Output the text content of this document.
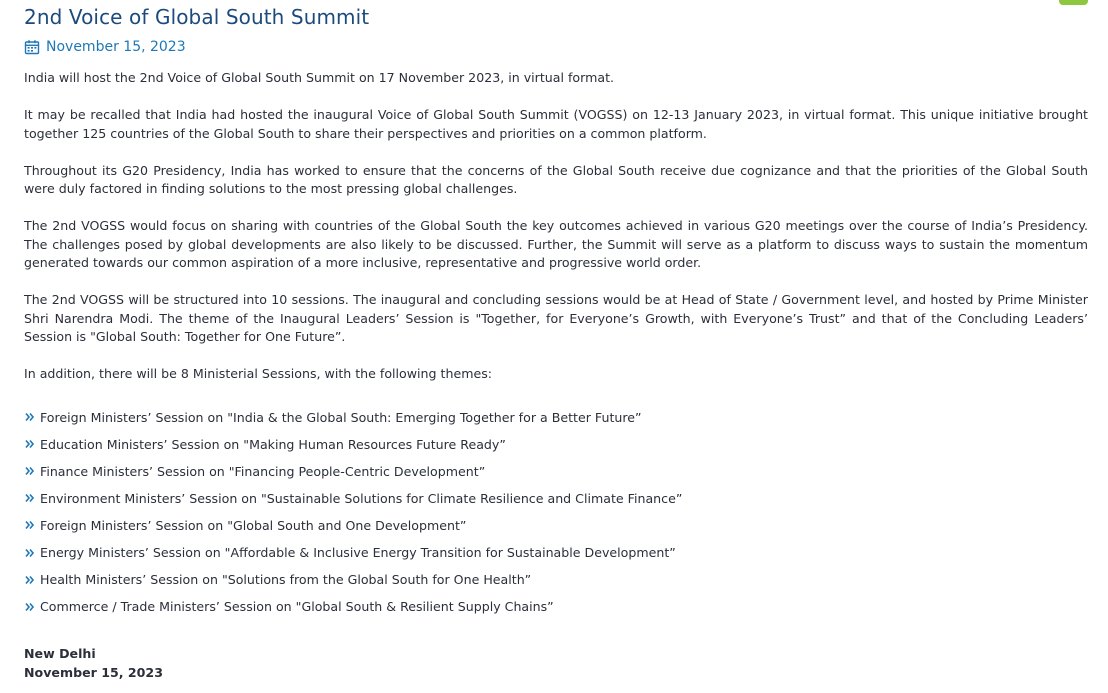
2nd Voice of Global South Summit
November 15, 2023

India will host the 2nd Voice of Global South Summit on 17 November 2023, in virtual format.

It may be recalled that India had hosted the inaugural Voice of Global South Summit (VOGSS) on 12-13 January 2023, in virtual format. This unique initiative brought together 125 countries of the Global South to share their perspectives and priorities on a common platform.

Throughout its G20 Presidency, India has worked to ensure that the concerns of the Global South receive due cognizance and that the priorities of the Global South were duly factored in finding solutions to the most pressing global challenges.

The 2nd VOGSS would focus on sharing with countries of the Global South the key outcomes achieved in various G20 meetings over the course of India’s Presidency. The challenges posed by global developments are also likely to be discussed. Further, the Summit will serve as a platform to discuss ways to sustain the momentum generated towards our common aspiration of a more inclusive, representative and progressive world order.

The 2nd VOGSS will be structured into 10 sessions. The inaugural and concluding sessions would be at Head of State / Government level, and hosted by Prime Minister Shri Narendra Modi. The theme of the Inaugural Leaders’ Session is "Together, for Everyone’s Growth, with Everyone’s Trust” and that of the Concluding Leaders’ Session is "Global South: Together for One Future”.

In addition, there will be 8 Ministerial Sessions, with the following themes:

Foreign Ministers’ Session on "India & the Global South: Emerging Together for a Better Future”
Education Ministers’ Session on "Making Human Resources Future Ready”
Finance Ministers’ Session on "Financing People-Centric Development”
Environment Ministers’ Session on "Sustainable Solutions for Climate Resilience and Climate Finance”
Foreign Ministers’ Session on "Global South and One Development”
Energy Ministers’ Session on "Affordable & Inclusive Energy Transition for Sustainable Development”
Health Ministers’ Session on "Solutions from the Global South for One Health”
Commerce / Trade Ministers’ Session on "Global South & Resilient Supply Chains”
New Delhi
November 15, 2023
